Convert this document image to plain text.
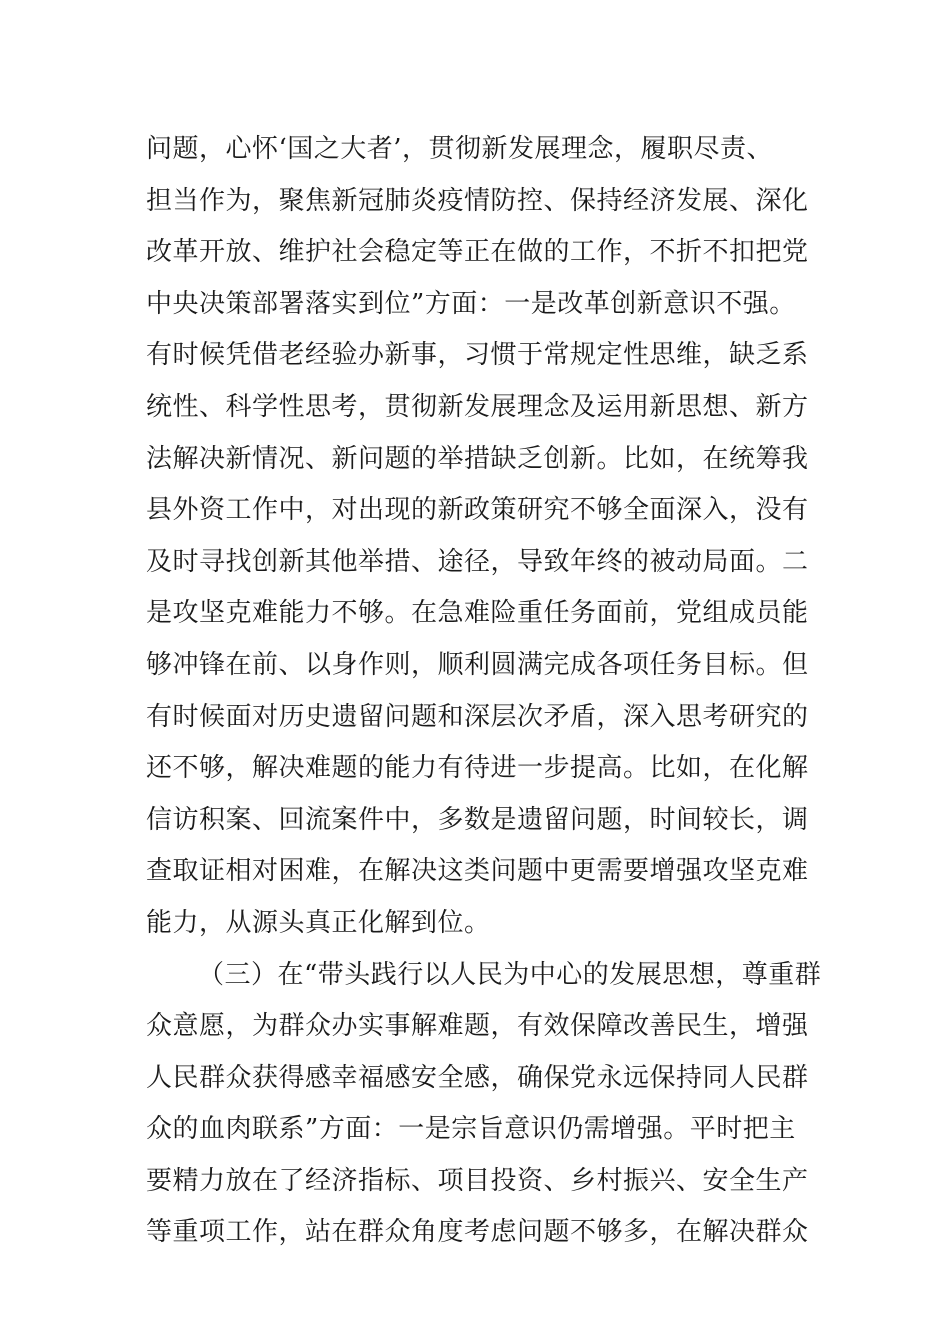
问题，心怀‘国之大者’，贯彻新发展理念，履职尽责、
担当作为，聚焦新冠肺炎疫情防控、保持经济发展、深化
改革开放、维护社会稳定等正在做的工作，不折不扣把党
中央决策部署落实到位”方面：一是改革创新意识不强。
有时候凭借老经验办新事，习惯于常规定性思维，缺乏系
统性、科学性思考，贯彻新发展理念及运用新思想、新方
法解决新情况、新问题的举措缺乏创新。比如，在统筹我
县外资工作中，对出现的新政策研究不够全面深入，没有
及时寻找创新其他举措、途径，导致年终的被动局面。二
是攻坚克难能力不够。在急难险重任务面前，党组成员能
够冲锋在前、以身作则，顺利圆满完成各项任务目标。但
有时候面对历史遗留问题和深层次矛盾，深入思考研究的
还不够，解决难题的能力有待进一步提高。比如，在化解
信访积案、回流案件中，多数是遗留问题，时间较长，调
查取证相对困难，在解决这类问题中更需要增强攻坚克难
能力，从源头真正化解到位。
（三）在“带头践行以人民为中心的发展思想，尊重群
众意愿，为群众办实事解难题，有效保障改善民生，增强
人民群众获得感幸福感安全感，确保党永远保持同人民群
众的血肉联系”方面：一是宗旨意识仍需增强。平时把主
要精力放在了经济指标、项目投资、乡村振兴、安全生产
等重项工作，站在群众角度考虑问题不够多，在解决群众
